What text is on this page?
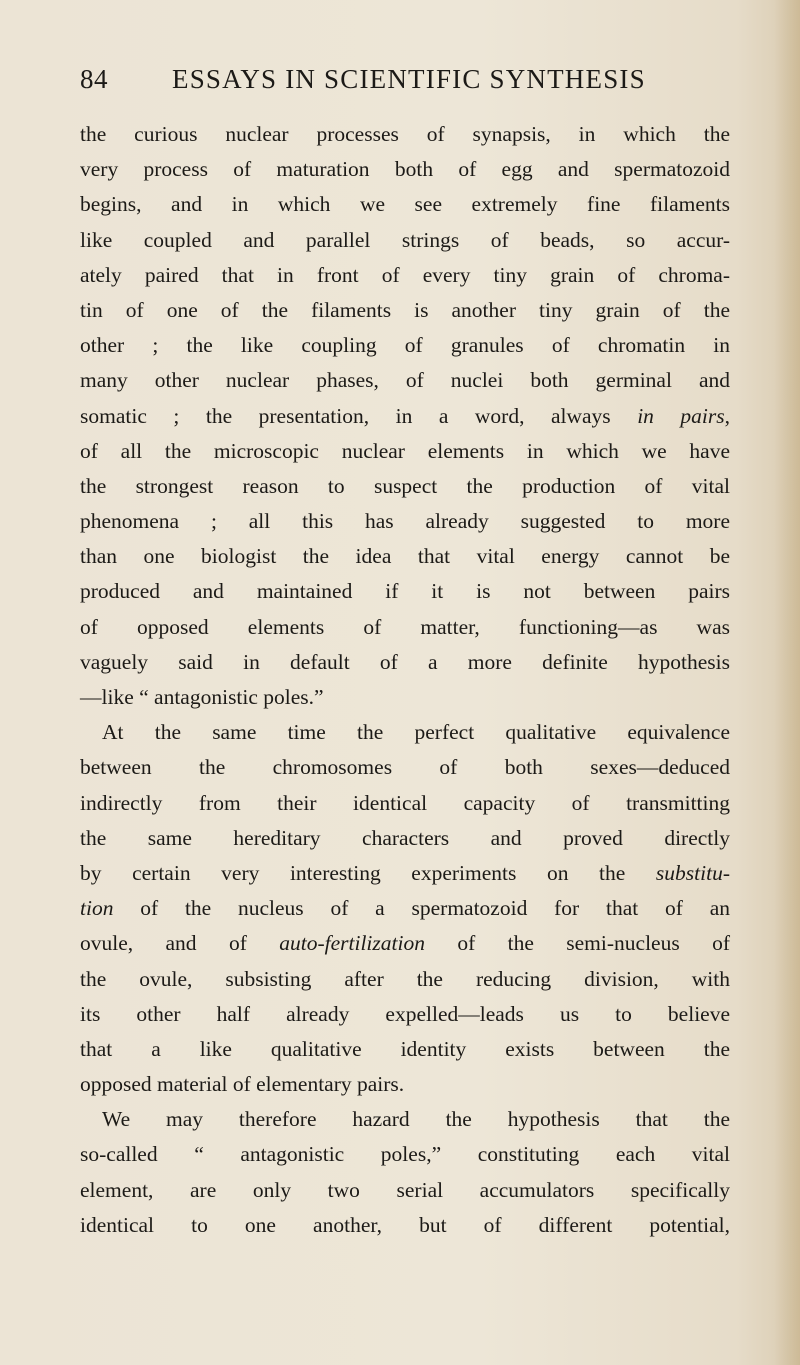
84 ESSAYS IN SCIENTIFIC SYNTHESIS
the curious nuclear processes of synapsis, in which the
very process of maturation both of egg and spermatozoid
begins, and in which we see extremely fine filaments
like coupled and parallel strings of beads, so accur-
ately paired that in front of every tiny grain of chroma-
tin of one of the filaments is another tiny grain of the
other ; the like coupling of granules of chromatin in
many other nuclear phases, of nuclei both germinal and
somatic ; the presentation, in a word, always in pairs,
of all the microscopic nuclear elements in which we have
the strongest reason to suspect the production of vital
phenomena ; all this has already suggested to more
than one biologist the idea that vital energy cannot be
produced and maintained if it is not between pairs
of opposed elements of matter, functioning—as was
vaguely said in default of a more definite hypothesis
—like “ antagonistic poles.”
At the same time the perfect qualitative equivalence
between the chromosomes of both sexes—deduced
indirectly from their identical capacity of transmitting
the same hereditary characters and proved directly
by certain very interesting experiments on the substitu-
tion of the nucleus of a spermatozoid for that of an
ovule, and of auto-fertilization of the semi-nucleus of
the ovule, subsisting after the reducing division, with
its other half already expelled—leads us to believe
that a like qualitative identity exists between the
opposed material of elementary pairs.
We may therefore hazard the hypothesis that the
so-called “ antagonistic poles,” constituting each vital
element, are only two serial accumulators specifically
identical to one another, but of different potential,
